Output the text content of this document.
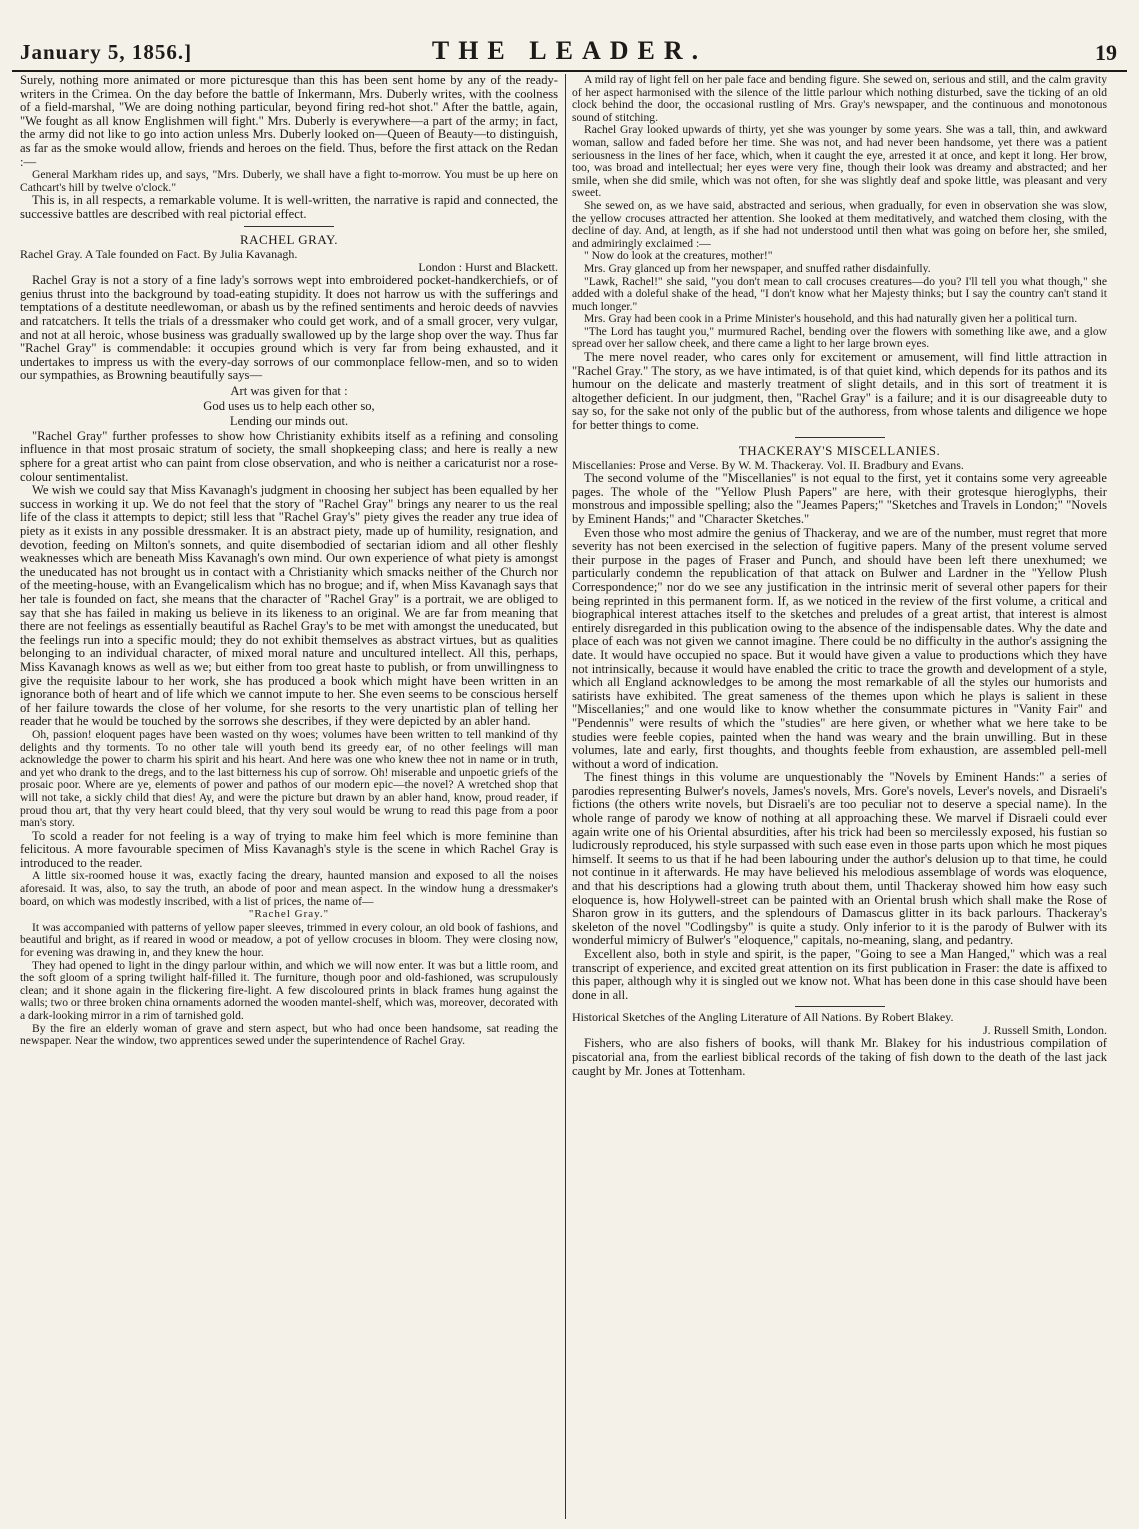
January 5, 1856.]	THE LEADER.	19

Surely, nothing more animated or more picturesque than this has been sent home by any of the ready-writers in the Crimea. On the day before the battle of Inkermann, Mrs. Duberly writes, with the coolness of a field-marshal, "We are doing nothing particular, beyond firing red-hot shot." After the battle, again, "We fought as all know Englishmen will fight." Mrs. Duberly is everywhere—a part of the army; in fact, the army did not like to go into action unless Mrs. Duberly looked on—Queen of Beauty—to distinguish, as far as the smoke would allow, friends and heroes on the field. Thus, before the first attack on the Redan :—

General Markham rides up, and says, "Mrs. Duberly, we shall have a fight to-morrow. You must be up here on Cathcart's hill by twelve o'clock."

This is, in all respects, a remarkable volume. It is well-written, the narrative is rapid and connected, the successive battles are described with real pictorial effect.

RACHEL GRAY.
Rachel Gray. A Tale founded on Fact. By Julia Kavanagh.
London : Hurst and Blackett.

Rachel Gray is not a story of a fine lady's sorrows wept into embroidered pocket-handkerchiefs, or of genius thrust into the background by toad-eating stupidity. It does not harrow us with the sufferings and temptations of a destitute needlewoman, or abash us by the refined sentiments and heroic deeds of navvies and ratcatchers. It tells the trials of a dressmaker who could get work, and of a small grocer, very vulgar, and not at all heroic, whose business was gradually swallowed up by the large shop over the way. Thus far "Rachel Gray" is commendable: it occupies ground which is very far from being exhausted, and it undertakes to impress us with the every-day sorrows of our commonplace fellow-men, and so to widen our sympathies, as Browning beautifully says—

Art was given for that :
God uses us to help each other so,
Lending our minds out.

"Rachel Gray" further professes to show how Christianity exhibits itself as a refining and consoling influence in that most prosaic stratum of society, the small shopkeeping class; and here is really a new sphere for a great artist who can paint from close observation, and who is neither a caricaturist nor a rose-colour sentimentalist.

We wish we could say that Miss Kavanagh's judgment in choosing her subject has been equalled by her success in working it up. We do not feel that the story of "Rachel Gray" brings any nearer to us the real life of the class it attempts to depict; still less that "Rachel Gray's" piety gives the reader any true idea of piety as it exists in any possible dressmaker. It is an abstract piety, made up of humility, resignation, and devotion, feeding on Milton's sonnets, and quite disembodied of sectarian idiom and all other fleshly weaknesses which are beneath Miss Kavanagh's own mind. Our own experience of what piety is amongst the uneducated has not brought us in contact with a Christianity which smacks neither of the Church nor of the meeting-house, with an Evangelicalism which has no brogue; and if, when Miss Kavanagh says that her tale is founded on fact, she means that the character of "Rachel Gray" is a portrait, we are obliged to say that she has failed in making us believe in its likeness to an original. We are far from meaning that there are not feelings as essentially beautiful as Rachel Gray's to be met with amongst the uneducated, but the feelings run into a specific mould; they do not exhibit themselves as abstract virtues, but as qualities belonging to an individual character, of mixed moral nature and uncultured intellect. All this, perhaps, Miss Kavanagh knows as well as we; but either from too great haste to publish, or from unwillingness to give the requisite labour to her work, she has produced a book which might have been written in an ignorance both of heart and of life which we cannot impute to her. She even seems to be conscious herself of her failure towards the close of her volume, for she resorts to the very unartistic plan of telling her reader that he would be touched by the sorrows she describes, if they were depicted by an abler hand.

Oh, passion! eloquent pages have been wasted on thy woes; volumes have been written to tell mankind of thy delights and thy torments. To no other tale will youth bend its greedy ear, of no other feelings will man acknowledge the power to charm his spirit and his heart. And here was one who knew thee not in name or in truth, and yet who drank to the dregs, and to the last bitterness his cup of sorrow. Oh! miserable and unpoetic griefs of the prosaic poor. Where are ye, elements of power and pathos of our modern epic—the novel? A wretched shop that will not take, a sickly child that dies! Ay, and were the picture but drawn by an abler hand, know, proud reader, if proud thou art, that thy very heart could bleed, that thy very soul would be wrung to read this page from a poor man's story.

To scold a reader for not feeling is a way of trying to make him feel which is more feminine than felicitous. A more favourable specimen of Miss Kavanagh's style is the scene in which Rachel Gray is introduced to the reader.

A little six-roomed house it was, exactly facing the dreary, haunted mansion and exposed to all the noises aforesaid. It was, also, to say the truth, an abode of poor and mean aspect. In the window hung a dressmaker's board, on which was modestly inscribed, with a list of prices, the name of—

"Rachel Gray."

It was accompanied with patterns of yellow paper sleeves, trimmed in every colour, an old book of fashions, and beautiful and bright, as if reared in wood or meadow, a pot of yellow crocuses in bloom. They were closing now, for evening was drawing in, and they knew the hour.

They had opened to light in the dingy parlour within, and which we will now enter. It was but a little room, and the soft gloom of a spring twilight half-filled it. The furniture, though poor and old-fashioned, was scrupulously clean; and it shone again in the flickering fire-light. A few discoloured prints in black frames hung against the walls; two or three broken china ornaments adorned the wooden mantel-shelf, which was, moreover, decorated with a dark-looking mirror in a rim of tarnished gold.

By the fire an elderly woman of grave and stern aspect, but who had once been handsome, sat reading the newspaper. Near the window, two apprentices sewed under the superintendence of Rachel Gray.

A mild ray of light fell on her pale face and bending figure. She sewed on, serious and still, and the calm gravity of her aspect harmonised with the silence of the little parlour which nothing disturbed, save the ticking of an old clock behind the door, the occasional rustling of Mrs. Gray's newspaper, and the continuous and monotonous sound of stitching.

Rachel Gray looked upwards of thirty, yet she was younger by some years. She was a tall, thin, and awkward woman, sallow and faded before her time. She was not, and had never been handsome, yet there was a patient seriousness in the lines of her face, which, when it caught the eye, arrested it at once, and kept it long. Her brow, too, was broad and intellectual; her eyes were very fine, though their look was dreamy and abstracted; and her smile, when she did smile, which was not often, for she was slightly deaf and spoke little, was pleasant and very sweet.

She sewed on, as we have said, abstracted and serious, when gradually, for even in observation she was slow, the yellow crocuses attracted her attention. She looked at them meditatively, and watched them closing, with the decline of day. And, at length, as if she had not understood until then what was going on before her, she smiled, and admiringly exclaimed :—

" Now do look at the creatures, mother!"

Mrs. Gray glanced up from her newspaper, and snuffed rather disdainfully.

"Lawk, Rachel!" she said, "you don't mean to call crocuses creatures—do you? I'll tell you what though," she added with a doleful shake of the head, "I don't know what her Majesty thinks; but I say the country can't stand it much longer."

Mrs. Gray had been cook in a Prime Minister's household, and this had naturally given her a political turn.

"The Lord has taught you," murmured Rachel, bending over the flowers with something like awe, and a glow spread over her sallow cheek, and there came a light to her large brown eyes.

The mere novel reader, who cares only for excitement or amusement, will find little attraction in "Rachel Gray." The story, as we have intimated, is of that quiet kind, which depends for its pathos and its humour on the delicate and masterly treatment of slight details, and in this sort of treatment it is altogether deficient. In our judgment, then, "Rachel Gray" is a failure; and it is our disagreeable duty to say so, for the sake not only of the public but of the authoress, from whose talents and diligence we hope for better things to come.

THACKERAY'S MISCELLANIES.
Miscellanies: Prose and Verse. By W. M. Thackeray. Vol. II. Bradbury and Evans.

The second volume of the "Miscellanies" is not equal to the first, yet it contains some very agreeable pages. The whole of the "Yellow Plush Papers" are here, with their grotesque hieroglyphs, their monstrous and impossible spelling; also the "Jeames Papers;" "Sketches and Travels in London;" "Novels by Eminent Hands;" and "Character Sketches."

Even those who most admire the genius of Thackeray, and we are of the number, must regret that more severity has not been exercised in the selection of fugitive papers. Many of the present volume served their purpose in the pages of Fraser and Punch, and should have been left there unexhumed; we particularly condemn the republication of that attack on Bulwer and Lardner in the "Yellow Plush Correspondence;" nor do we see any justification in the intrinsic merit of several other papers for their being reprinted in this permanent form. If, as we noticed in the review of the first volume, a critical and biographical interest attaches itself to the sketches and preludes of a great artist, that interest is almost entirely disregarded in this publication owing to the absence of the indispensable dates. Why the date and place of each was not given we cannot imagine. There could be no difficulty in the author's assigning the date. It would have occupied no space. But it would have given a value to productions which they have not intrinsically, because it would have enabled the critic to trace the growth and development of a style, which all England acknowledges to be among the most remarkable of all the styles our humorists and satirists have exhibited. The great sameness of the themes upon which he plays is salient in these "Miscellanies;" and one would like to know whether the consummate pictures in "Vanity Fair" and "Pendennis" were results of which the "studies" are here given, or whether what we here take to be studies were feeble copies, painted when the hand was weary and the brain unwilling. But in these volumes, late and early, first thoughts, and thoughts feeble from exhaustion, are assembled pell-mell without a word of indication.

The finest things in this volume are unquestionably the "Novels by Eminent Hands:" a series of parodies representing Bulwer's novels, James's novels, Mrs. Gore's novels, Lever's novels, and Disraeli's fictions (the others write novels, but Disraeli's are too peculiar not to deserve a special name). In the whole range of parody we know of nothing at all approaching these. We marvel if Disraeli could ever again write one of his Oriental absurdities, after his trick had been so mercilessly exposed, his fustian so ludicrously reproduced, his style surpassed with such ease even in those parts upon which he most piques himself. It seems to us that if he had been labouring under the author's delusion up to that time, he could not continue in it afterwards. He may have believed his melodious assemblage of words was eloquence, and that his descriptions had a glowing truth about them, until Thackeray showed him how easy such eloquence is, how Holywell-street can be painted with an Oriental brush which shall make the Rose of Sharon grow in its gutters, and the splendours of Damascus glitter in its back parlours. Thackeray's skeleton of the novel "Codlingsby" is quite a study. Only inferior to it is the parody of Bulwer with its wonderful mimicry of Bulwer's "eloquence," capitals, no-meaning, slang, and pedantry.

Excellent also, both in style and spirit, is the paper, "Going to see a Man Hanged," which was a real transcript of experience, and excited great attention on its first publication in Fraser: the date is affixed to this paper, although why it is singled out we know not. What has been done in this case should have been done in all.

Historical Sketches of the Angling Literature of All Nations. By Robert Blakey.
J. Russell Smith, London.

Fishers, who are also fishers of books, will thank Mr. Blakey for his industrious compilation of piscatorial ana, from the earliest biblical records of the taking of fish down to the death of the last jack caught by Mr. Jones at Tottenham.
